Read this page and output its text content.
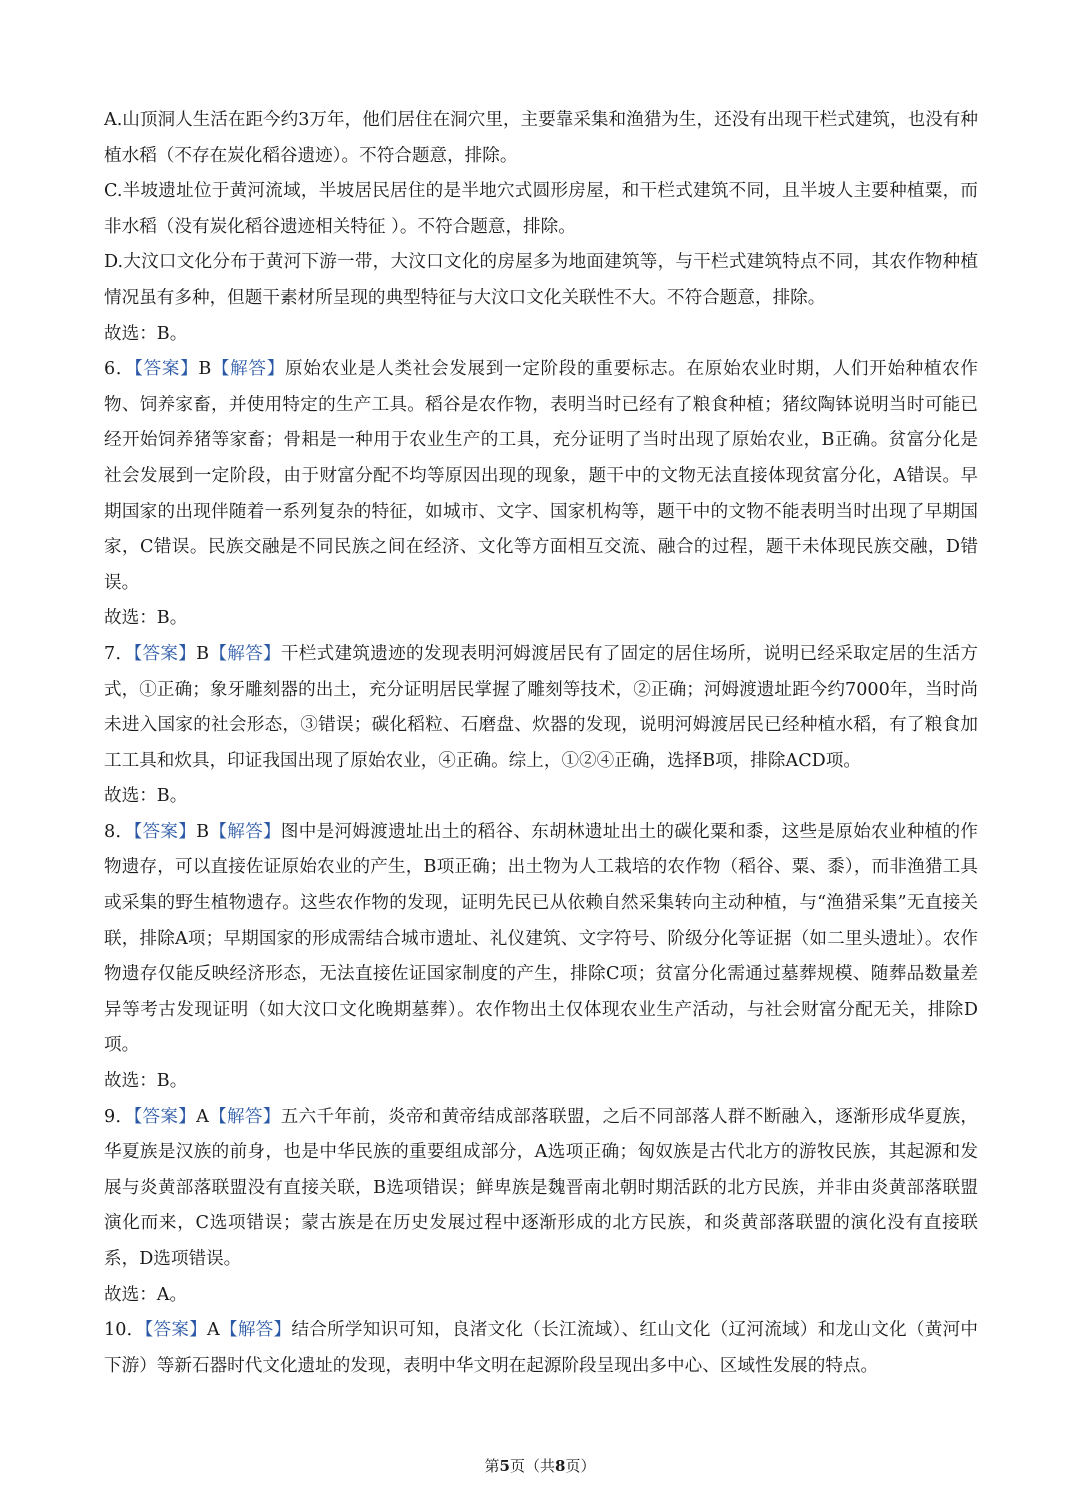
A.山顶洞人生活在距今约3万年，他们居住在洞穴里，主要靠采集和渔猎为生，还没有出现干栏式建筑，也没有种植水稻（不存在炭化稻谷遗迹）。不符合题意，排除。

C.半坡遗址位于黄河流域，半坡居民居住的是半地穴式圆形房屋，和干栏式建筑不同，且半坡人主要种植粟，而非水稻（没有炭化稻谷遗迹相关特征 ）。不符合题意，排除。

D.大汶口文化分布于黄河下游一带，大汶口文化的房屋多为地面建筑等，与干栏式建筑特点不同，其农作物种植情况虽有多种，但题干素材所呈现的典型特征与大汶口文化关联性不大。不符合题意，排除。

故选：B。

6．【答案】B【解答】原始农业是人类社会发展到一定阶段的重要标志。在原始农业时期，人们开始种植农作物、饲养家畜，并使用特定的生产工具。稻谷是农作物，表明当时已经有了粮食种植；猪纹陶钵说明当时可能已经开始饲养猪等家畜；骨耜是一种用于农业生产的工具，充分证明了当时出现了原始农业，B正确。贫富分化是社会发展到一定阶段，由于财富分配不均等原因出现的现象，题干中的文物无法直接体现贫富分化，A错误。早期国家的出现伴随着一系列复杂的特征，如城市、文字、国家机构等，题干中的文物不能表明当时出现了早期国家，C错误。民族交融是不同民族之间在经济、文化等方面相互交流、融合的过程，题干未体现民族交融，D错误。

故选：B。

7．【答案】B【解答】干栏式建筑遗迹的发现表明河姆渡居民有了固定的居住场所，说明已经采取定居的生活方式，①正确；象牙雕刻器的出土，充分证明居民掌握了雕刻等技术，②正确；河姆渡遗址距今约7000年，当时尚未进入国家的社会形态，③错误；碳化稻粒、石磨盘、炊器的发现，说明河姆渡居民已经种植水稻，有了粮食加工工具和炊具，印证我国出现了原始农业，④正确。综上，①②④正确，选择B项，排除ACD项。

故选：B。

8．【答案】B【解答】图中是河姆渡遗址出土的稻谷、东胡林遗址出土的碳化粟和黍，这些是原始农业种植的作物遗存，可以直接佐证原始农业的产生，B项正确；出土物为人工栽培的农作物（稻谷、粟、黍），而非渔猎工具或采集的野生植物遗存。这些农作物的发现，证明先民已从依赖自然采集转向主动种植，与“渔猎采集”无直接关联，排除A项；早期国家的形成需结合城市遗址、礼仪建筑、文字符号、阶级分化等证据（如二里头遗址）。农作物遗存仅能反映经济形态，无法直接佐证国家制度的产生，排除C项；贫富分化需通过墓葬规模、随葬品数量差异等考古发现证明（如大汶口文化晚期墓葬）。农作物出土仅体现农业生产活动，与社会财富分配无关，排除D项。

故选：B。

9．【答案】A【解答】五六千年前，炎帝和黄帝结成部落联盟，之后不同部落人群不断融入，逐渐形成华夏族，华夏族是汉族的前身，也是中华民族的重要组成部分，A选项正确；匈奴族是古代北方的游牧民族，其起源和发展与炎黄部落联盟没有直接关联，B选项错误；鲜卑族是魏晋南北朝时期活跃的北方民族，并非由炎黄部落联盟演化而来，C选项错误；蒙古族是在历史发展过程中逐渐形成的北方民族，和炎黄部落联盟的演化没有直接联系，D选项错误。

故选：A。

10．【答案】A【解答】结合所学知识可知，良渚文化（长江流域）、红山文化（辽河流域）和龙山文化（黄河中下游）等新石器时代文化遗址的发现，表明中华文明在起源阶段呈现出多中心、区域性发展的特点。

第5页（共8页）
